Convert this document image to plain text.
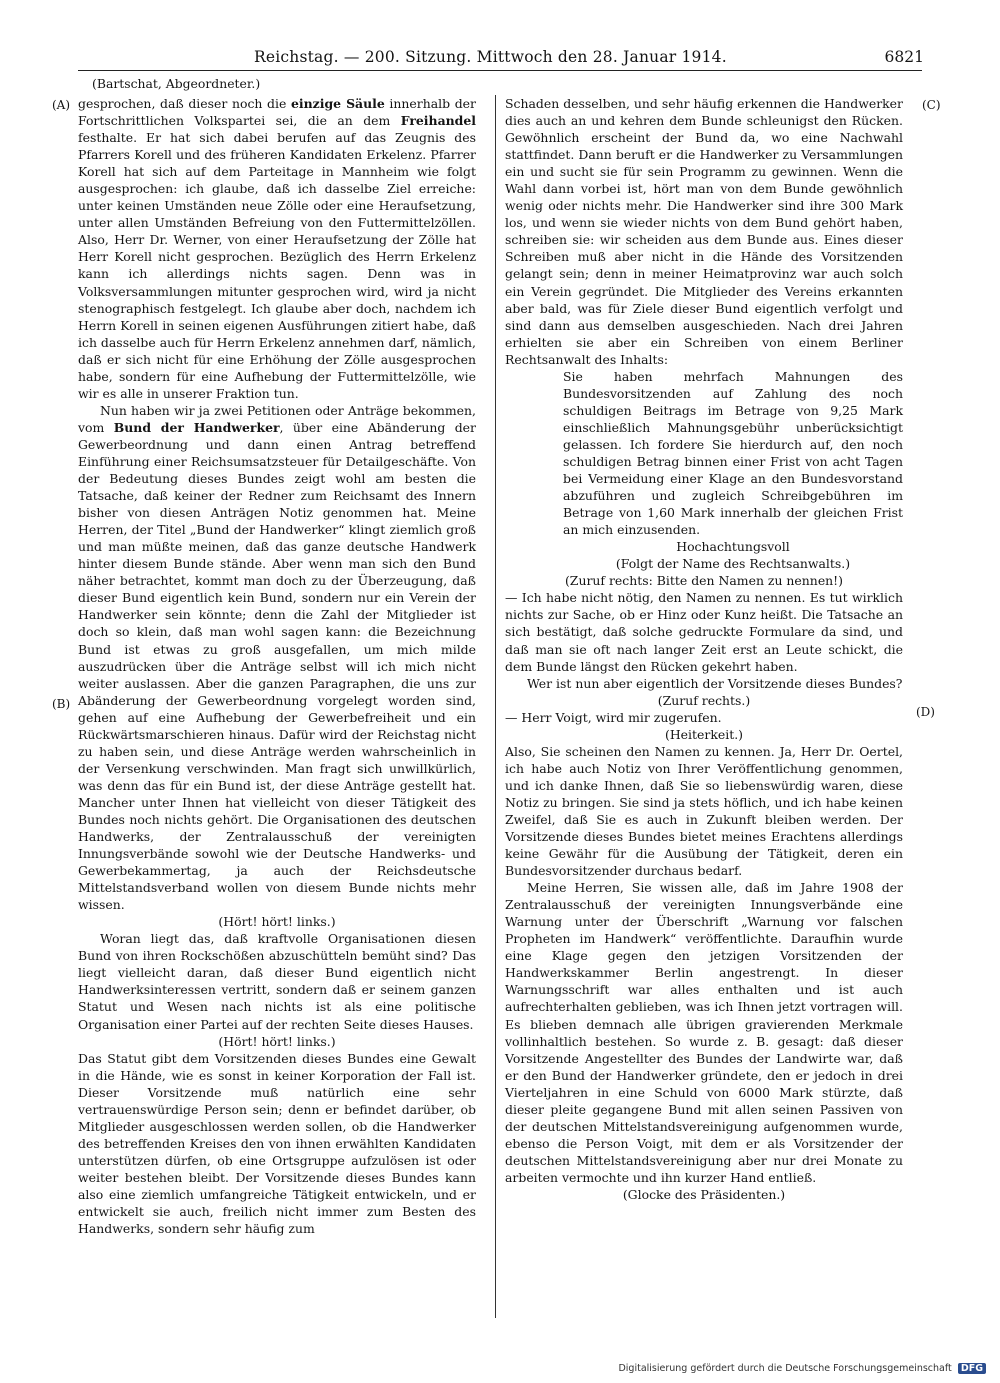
Reichstag. — 200. Sitzung. Mittwoch den 28. Januar 1914.	6821
(Bartschat, Abgeordneter.)
(A)
(B)
(C)
(D)

gesprochen, daß dieser noch die einzige Säule innerhalb der Fortschrittlichen Volkspartei sei, die an dem Freihandel festhalte. Er hat sich dabei berufen auf das Zeugnis des Pfarrers Korell und des früheren Kandidaten Erkelenz. Pfarrer Korell hat sich auf dem Parteitage in Mannheim wie folgt ausgesprochen: ich glaube, daß ich dasselbe Ziel erreiche: unter keinen Umständen neue Zölle oder eine Heraufsetzung, unter allen Umständen Befreiung von den Futtermittelzöllen. Also, Herr Dr. Werner, von einer Heraufsetzung der Zölle hat Herr Korell nicht gesprochen. Bezüglich des Herrn Erkelenz kann ich allerdings nichts sagen. Denn was in Volksversammlungen mitunter gesprochen wird, wird ja nicht stenographisch festgelegt. Ich glaube aber doch, nachdem ich Herrn Korell in seinen eigenen Ausführungen zitiert habe, daß ich dasselbe auch für Herrn Erkelenz annehmen darf, nämlich, daß er sich nicht für eine Erhöhung der Zölle ausgesprochen habe, sondern für eine Aufhebung der Futtermittelzölle, wie wir es alle in unserer Fraktion tun.

Nun haben wir ja zwei Petitionen oder Anträge bekommen, vom Bund der Handwerker, über eine Abänderung der Gewerbeordnung und dann einen Antrag betreffend Einführung einer Reichsumsatzsteuer für Detailgeschäfte. Von der Bedeutung dieses Bundes zeigt wohl am besten die Tatsache, daß keiner der Redner zum Reichsamt des Innern bisher von diesen Anträgen Notiz genommen hat. Meine Herren, der Titel „Bund der Handwerker“ klingt ziemlich groß und man müßte meinen, daß das ganze deutsche Handwerk hinter diesem Bunde stände. Aber wenn man sich den Bund näher betrachtet, kommt man doch zu der Überzeugung, daß dieser Bund eigentlich kein Bund, sondern nur ein Verein der Handwerker sein könnte; denn die Zahl der Mitglieder ist doch so klein, daß man wohl sagen kann: die Bezeichnung Bund ist etwas zu groß ausgefallen, um mich milde auszudrücken über die Anträge selbst will ich mich nicht weiter auslassen. Aber die ganzen Paragraphen, die uns zur Abänderung der Gewerbeordnung vorgelegt worden sind, gehen auf eine Aufhebung der Gewerbefreiheit und ein Rückwärtsmarschieren hinaus. Dafür wird der Reichstag nicht zu haben sein, und diese Anträge werden wahrscheinlich in der Versenkung verschwinden. Man fragt sich unwillkürlich, was denn das für ein Bund ist, der diese Anträge gestellt hat. Mancher unter Ihnen hat vielleicht von dieser Tätigkeit des Bundes noch nichts gehört. Die Organisationen des deutschen Handwerks, der Zentralausschuß der vereinigten Innungsverbände sowohl wie der Deutsche Handwerks- und Gewerbekammertag, ja auch der Reichsdeutsche Mittelstandsverband wollen von diesem Bunde nichts mehr wissen.

(Hört! hört! links.)

Woran liegt das, daß kraftvolle Organisationen diesen Bund von ihren Rockschößen abzuschütteln bemüht sind? Das liegt vielleicht daran, daß dieser Bund eigentlich nicht Handwerksinteressen vertritt, sondern daß er seinem ganzen Statut und Wesen nach nichts ist als eine politische Organisation einer Partei auf der rechten Seite dieses Hauses.

(Hört! hört! links.)

Das Statut gibt dem Vorsitzenden dieses Bundes eine Gewalt in die Hände, wie es sonst in keiner Korporation der Fall ist. Dieser Vorsitzende muß natürlich eine sehr vertrauenswürdige Person sein; denn er befindet darüber, ob Mitglieder ausgeschlossen werden sollen, ob die Handwerker des betreffenden Kreises den von ihnen erwählten Kandidaten unterstützen dürfen, ob eine Ortsgruppe aufzulösen ist oder weiter bestehen bleibt. Der Vorsitzende dieses Bundes kann also eine ziemlich umfangreiche Tätigkeit entwickeln, und er entwickelt sie auch, freilich nicht immer zum Besten des Handwerks, sondern sehr häufig zum

Schaden desselben, und sehr häufig erkennen die Handwerker dies auch an und kehren dem Bunde schleunigst den Rücken. Gewöhnlich erscheint der Bund da, wo eine Nachwahl stattfindet. Dann beruft er die Handwerker zu Versammlungen ein und sucht sie für sein Programm zu gewinnen. Wenn die Wahl dann vorbei ist, hört man von dem Bunde gewöhnlich wenig oder nichts mehr. Die Handwerker sind ihre 300 Mark los, und wenn sie wieder nichts von dem Bund gehört haben, schreiben sie: wir scheiden aus dem Bunde aus. Eines dieser Schreiben muß aber nicht in die Hände des Vorsitzenden gelangt sein; denn in meiner Heimatprovinz war auch solch ein Verein gegründet. Die Mitglieder des Vereins erkannten aber bald, was für Ziele dieser Bund eigentlich verfolgt und sind dann aus demselben ausgeschieden. Nach drei Jahren erhielten sie aber ein Schreiben von einem Berliner Rechtsanwalt des Inhalts:

Sie haben mehrfach Mahnungen des Bundesvorsitzenden auf Zahlung des noch schuldigen Beitrags im Betrage von 9,25 Mark einschließlich Mahnungsgebühr unberücksichtigt gelassen. Ich fordere Sie hierdurch auf, den noch schuldigen Betrag binnen einer Frist von acht Tagen bei Vermeidung einer Klage an den Bundesvorstand abzuführen und zugleich Schreibgebühren im Betrage von 1,60 Mark innerhalb der gleichen Frist an mich einzusenden.

Hochachtungsvoll

(Folgt der Name des Rechtsanwalts.)

(Zuruf rechts: Bitte den Namen zu nennen!)

— Ich habe nicht nötig, den Namen zu nennen. Es tut wirklich nichts zur Sache, ob er Hinz oder Kunz heißt. Die Tatsache an sich bestätigt, daß solche gedruckte Formulare da sind, und daß man sie oft nach langer Zeit erst an Leute schickt, die dem Bunde längst den Rücken gekehrt haben.

Wer ist nun aber eigentlich der Vorsitzende dieses Bundes?

(Zuruf rechts.)

— Herr Voigt, wird mir zugerufen.

(Heiterkeit.)

Also, Sie scheinen den Namen zu kennen. Ja, Herr Dr. Oertel, ich habe auch Notiz von Ihrer Veröffentlichung genommen, und ich danke Ihnen, daß Sie so liebenswürdig waren, diese Notiz zu bringen. Sie sind ja stets höflich, und ich habe keinen Zweifel, daß Sie es auch in Zukunft bleiben werden. Der Vorsitzende dieses Bundes bietet meines Erachtens allerdings keine Gewähr für die Ausübung der Tätigkeit, deren ein Bundesvorsitzender durchaus bedarf.

Meine Herren, Sie wissen alle, daß im Jahre 1908 der Zentralausschuß der vereinigten Innungsverbände eine Warnung unter der Überschrift „Warnung vor falschen Propheten im Handwerk“ veröffentlichte. Daraufhin wurde eine Klage gegen den jetzigen Vorsitzenden der Handwerkskammer Berlin angestrengt. In dieser Warnungsschrift war alles enthalten und ist auch aufrechterhalten geblieben, was ich Ihnen jetzt vortragen will. Es blieben demnach alle übrigen gravierenden Merkmale vollinhaltlich bestehen. So wurde z. B. gesagt: daß dieser Vorsitzende Angestellter des Bundes der Landwirte war, daß er den Bund der Handwerker gründete, den er jedoch in drei Vierteljahren in eine Schuld von 6000 Mark stürzte, daß dieser pleite gegangene Bund mit allen seinen Passiven von der deutschen Mittelstandsvereinigung aufgenommen wurde, ebenso die Person Voigt, mit dem er als Vorsitzender der deutschen Mittelstandsvereinigung aber nur drei Monate zu arbeiten vermochte und ihn kurzer Hand entließ.

(Glocke des Präsidenten.)

Digitalisierung gefördert durch die Deutsche Forschungsgemeinschaft DFG
